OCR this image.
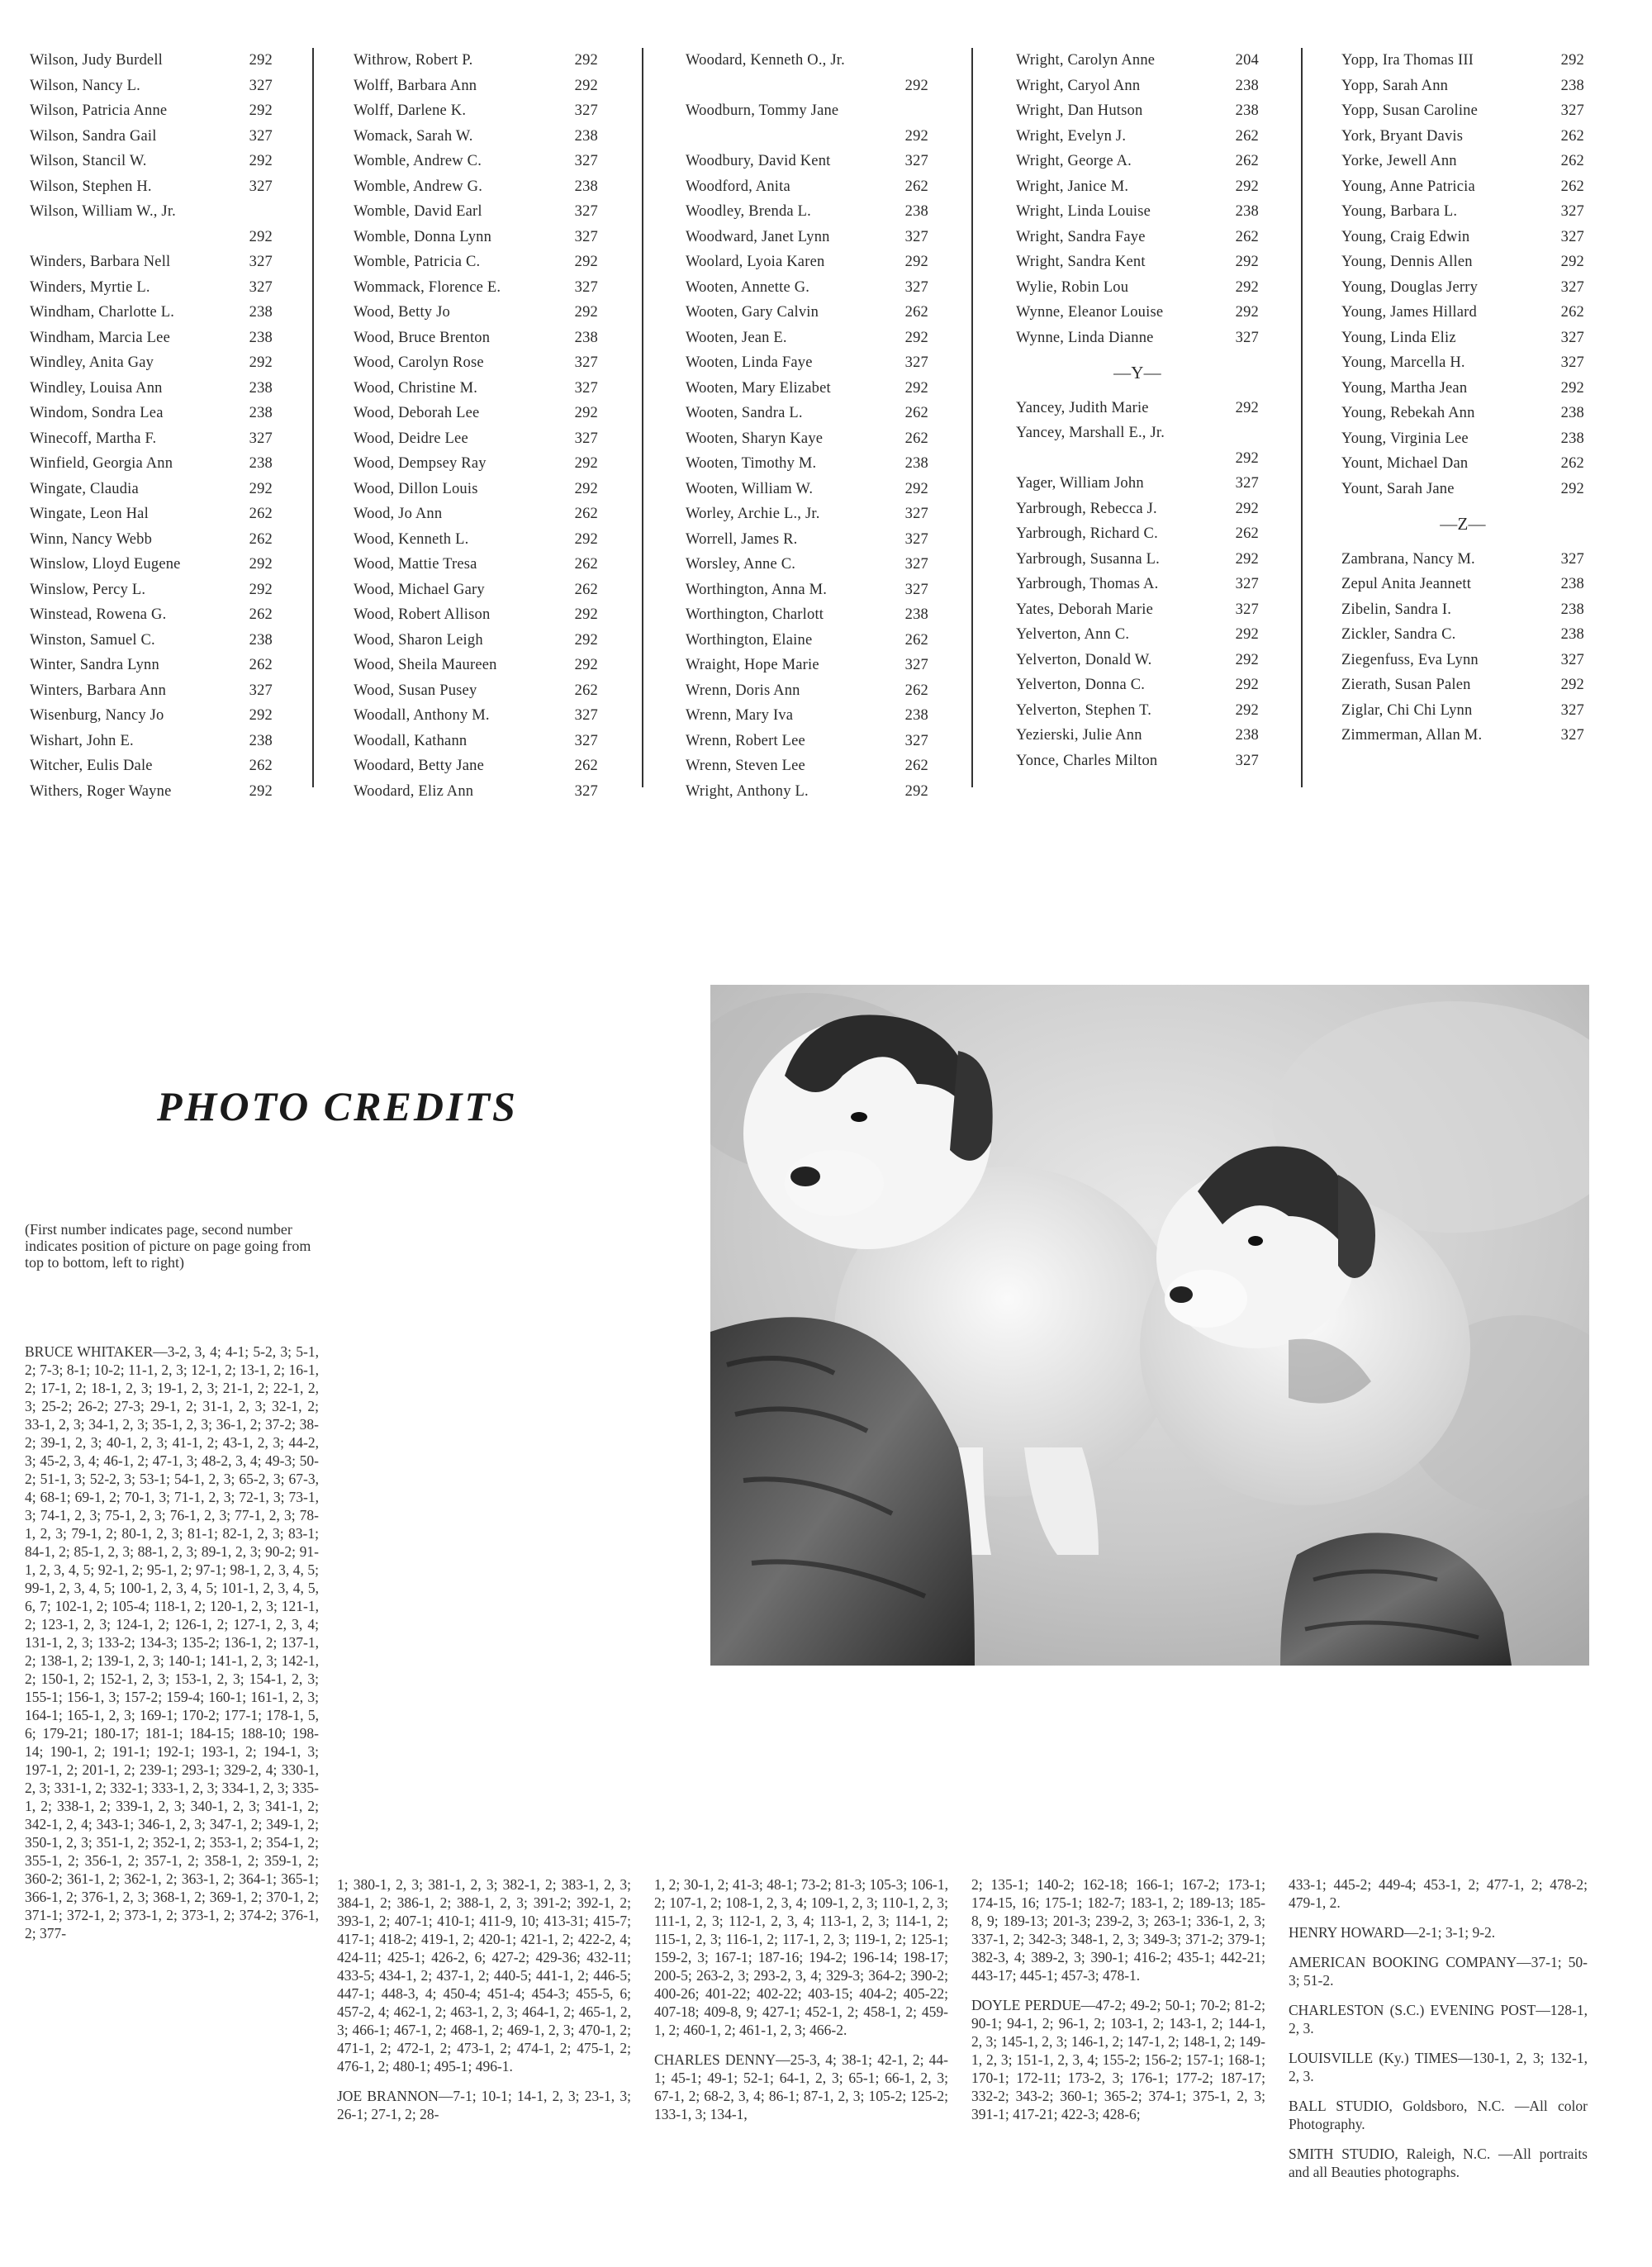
Wilson, Judy Burdell	292
Wilson, Nancy L.	327
Wilson, Patricia Anne	292
Wilson, Sandra Gail	327
Wilson, Stancil W.	292
Wilson, Stephen H.	327
Wilson, William W., Jr.
292
Winders, Barbara Nell	327
Winders, Myrtie L.	327
Windham, Charlotte L.	238
Windham, Marcia Lee	238
Windley, Anita Gay	292
Windley, Louisa Ann	238
Windom, Sondra Lea	238
Winecoff, Martha F.	327
Winfield, Georgia Ann	238
Wingate, Claudia	292
Wingate, Leon Hal	262
Winn, Nancy Webb	262
Winslow, Lloyd Eugene	292
Winslow, Percy L.	292
Winstead, Rowena G.	262
Winston, Samuel C.	238
Winter, Sandra Lynn	262
Winters, Barbara Ann	327
Wisenburg, Nancy Jo	292
Wishart, John E.	238
Witcher, Eulis Dale	262
Withers, Roger Wayne	292
Withrow, Robert P.	292
Wolff, Barbara Ann	292
Wolff, Darlene K.	327
Womack, Sarah W.	238
Womble, Andrew C.	327
Womble, Andrew G.	238
Womble, David Earl	327
Womble, Donna Lynn	327
Womble, Patricia C.	292
Wommack, Florence E.	327
Wood, Betty Jo	292
Wood, Bruce Brenton	238
Wood, Carolyn Rose	327
Wood, Christine M.	327
Wood, Deborah Lee	292
Wood, Deidre Lee	327
Wood, Dempsey Ray	292
Wood, Dillon Louis	292
Wood, Jo Ann	262
Wood, Kenneth L.	292
Wood, Mattie Tresa	262
Wood, Michael Gary	262
Wood, Robert Allison	292
Wood, Sharon Leigh	292
Wood, Sheila Maureen	292
Wood, Susan Pusey	262
Woodall, Anthony M.	327
Woodall, Kathann	327
Woodard, Betty Jane	262
Woodard, Eliz Ann	327
Woodard, Kenneth O., Jr.
292
Woodburn, Tommy Jane
292
Woodbury, David Kent	327
Woodford, Anita	262
Woodley, Brenda L.	238
Woodward, Janet Lynn	327
Woolard, Lyoia Karen	292
Wooten, Annette G.	327
Wooten, Gary Calvin	262
Wooten, Jean E.	292
Wooten, Linda Faye	327
Wooten, Mary Elizabet	292
Wooten, Sandra L.	262
Wooten, Sharyn Kaye	262
Wooten, Timothy M.	238
Wooten, William W.	292
Worley, Archie L., Jr.	327
Worrell, James R.	327
Worsley, Anne C.	327
Worthington, Anna M.	327
Worthington, Charlott	238
Worthington, Elaine	262
Wraight, Hope Marie	327
Wrenn, Doris Ann	262
Wrenn, Mary Iva	238
Wrenn, Robert Lee	327
Wrenn, Steven Lee	262
Wright, Anthony L.	292
Wright, Carolyn Anne	204
Wright, Caryol Ann	238
Wright, Dan Hutson	238
Wright, Evelyn J.	262
Wright, George A.	262
Wright, Janice M.	292
Wright, Linda Louise	238
Wright, Sandra Faye	262
Wright, Sandra Kent	292
Wylie, Robin Lou	292
Wynne, Eleanor Louise	292
Wynne, Linda Dianne	327
—Y—
Yancey, Judith Marie	292
Yancey, Marshall E., Jr.
292
Yager, William John	327
Yarbrough, Rebecca J.	292
Yarbrough, Richard C.	262
Yarbrough, Susanna L.	292
Yarbrough, Thomas A.	327
Yates, Deborah Marie	327
Yelverton, Ann C.	292
Yelverton, Donald W.	292
Yelverton, Donna C.	292
Yelverton, Stephen T.	292
Yezierski, Julie Ann	238
Yonce, Charles Milton	327
Yopp, Ira Thomas III	292
Yopp, Sarah Ann	238
Yopp, Susan Caroline	327
York, Bryant Davis	262
Yorke, Jewell Ann	262
Young, Anne Patricia	262
Young, Barbara L.	327
Young, Craig Edwin	327
Young, Dennis Allen	292
Young, Douglas Jerry	327
Young, James Hillard	262
Young, Linda Eliz	327
Young, Marcella H.	327
Young, Martha Jean	292
Young, Rebekah Ann	238
Young, Virginia Lee	238
Yount, Michael Dan	262
Yount, Sarah Jane	292
—Z—
Zambrana, Nancy M.	327
Zepul Anita Jeannett	238
Zibelin, Sandra I.	238
Zickler, Sandra C.	238
Ziegenfuss, Eva Lynn	327
Zierath, Susan Palen	292
Ziglar, Chi Chi Lynn	327
Zimmerman, Allan M.	327
PHOTO CREDITS
(First number indicates page, second number indicates position of picture on page going from top to bottom, left to right)

BRUCE WHITAKER—3-2, 3, 4; 4-1; 5-2, 3; 5-1, 2; 7-3; 8-1; 10-2; 11-1, 2, 3; 12-1, 2; 13-1, 2; 16-1, 2; 17-1, 2; 18-1, 2, 3; 19-1, 2, 3; 21-1, 2; 22-1, 2, 3; 25-2; 26-2; 27-3; 29-1, 2; 31-1, 2, 3; 32-1, 2; 33-1, 2, 3; 34-1, 2, 3; 35-1, 2, 3; 36-1, 2; 37-2; 38-2; 39-1, 2, 3; 40-1, 2, 3; 41-1, 2; 43-1, 2, 3; 44-2, 3; 45-2, 3, 4; 46-1, 2; 47-1, 3; 48-2, 3, 4; 49-3; 50-2; 51-1, 3; 52-2, 3; 53-1; 54-1, 2, 3; 65-2, 3; 67-3, 4; 68-1; 69-1, 2; 70-1, 3; 71-1, 2, 3; 72-1, 3; 73-1, 3; 74-1, 2, 3; 75-1, 2, 3; 76-1, 2, 3; 77-1, 2, 3; 78-1, 2, 3; 79-1, 2; 80-1, 2, 3; 81-1; 82-1, 2, 3; 83-1; 84-1, 2; 85-1, 2, 3; 88-1, 2, 3; 89-1, 2, 3; 90-2; 91-1, 2, 3, 4, 5; 92-1, 2; 95-1, 2; 97-1; 98-1, 2, 3, 4, 5; 99-1, 2, 3, 4, 5; 100-1, 2, 3, 4, 5; 101-1, 2, 3, 4, 5, 6, 7; 102-1, 2; 105-4; 118-1, 2; 120-1, 2, 3; 121-1, 2; 123-1, 2, 3; 124-1, 2; 126-1, 2; 127-1, 2, 3, 4; 131-1, 2, 3; 133-2; 134-3; 135-2; 136-1, 2; 137-1, 2; 138-1, 2; 139-1, 2, 3; 140-1; 141-1, 2, 3; 142-1, 2; 150-1, 2; 152-1, 2, 3; 153-1, 2, 3; 154-1, 2, 3; 155-1; 156-1, 3; 157-2; 159-4; 160-1; 161-1, 2, 3; 164-1; 165-1, 2, 3; 169-1; 170-2; 177-1; 178-1, 5, 6; 179-21; 180-17; 181-1; 184-15; 188-10; 198-14; 190-1, 2; 191-1; 192-1; 193-1, 2; 194-1, 3; 197-1, 2; 201-1, 2; 239-1; 293-1; 329-2, 4; 330-1, 2, 3; 331-1, 2; 332-1; 333-1, 2, 3; 334-1, 2, 3; 335-1, 2; 338-1, 2; 339-1, 2, 3; 340-1, 2, 3; 341-1, 2; 342-1, 2, 4; 343-1; 346-1, 2, 3; 347-1, 2; 349-1, 2; 350-1, 2, 3; 351-1, 2; 352-1, 2; 353-1, 2; 354-1, 2; 355-1, 2; 356-1, 2; 357-1, 2; 358-1, 2; 359-1, 2; 360-2; 361-1, 2; 362-1, 2; 363-1, 2; 364-1; 365-1; 366-1, 2; 376-1, 2, 3; 368-1, 2; 369-1, 2; 370-1, 2; 371-1; 372-1, 2; 373-1, 2; 373-1, 2; 374-2; 376-1, 2; 377-

1; 380-1, 2, 3; 381-1, 2, 3; 382-1, 2; 383-1, 2, 3; 384-1, 2; 386-1, 2; 388-1, 2, 3; 391-2; 392-1, 2; 393-1, 2; 407-1; 410-1; 411-9, 10; 413-31; 415-7; 417-1; 418-2; 419-1, 2; 420-1; 421-1, 2; 422-2, 4; 424-11; 425-1; 426-2, 6; 427-2; 429-36; 432-11; 433-5; 434-1, 2; 437-1, 2; 440-5; 441-1, 2; 446-5; 447-1; 448-3, 4; 450-4; 451-4; 454-3; 455-5, 6; 457-2, 4; 462-1, 2; 463-1, 2, 3; 464-1, 2; 465-1, 2, 3; 466-1; 467-1, 2; 468-1, 2; 469-1, 2, 3; 470-1, 2; 471-1, 2; 472-1, 2; 473-1, 2; 474-1, 2; 475-1, 2; 476-1, 2; 480-1; 495-1; 496-1.

JOE BRANNON—7-1; 10-1; 14-1, 2, 3; 23-1, 3; 26-1; 27-1, 2; 28-

1, 2; 30-1, 2; 41-3; 48-1; 73-2; 81-3; 105-3; 106-1, 2; 107-1, 2; 108-1, 2, 3, 4; 109-1, 2, 3; 110-1, 2, 3; 111-1, 2, 3; 112-1, 2, 3, 4; 113-1, 2, 3; 114-1, 2; 115-1, 2, 3; 116-1, 2; 117-1, 2, 3; 119-1, 2; 125-1; 159-2, 3; 167-1; 187-16; 194-2; 196-14; 198-17; 200-5; 263-2, 3; 293-2, 3, 4; 329-3; 364-2; 390-2; 400-26; 401-22; 402-22; 403-15; 404-2; 405-22; 407-18; 409-8, 9; 427-1; 452-1, 2; 458-1, 2; 459-1, 2; 460-1, 2; 461-1, 2, 3; 466-2.

CHARLES DENNY—25-3, 4; 38-1; 42-1, 2; 44-1; 45-1; 49-1; 52-1; 64-1, 2, 3; 65-1; 66-1, 2, 3; 67-1, 2; 68-2, 3, 4; 86-1; 87-1, 2, 3; 105-2; 125-2; 133-1, 3; 134-1,

2; 135-1; 140-2; 162-18; 166-1; 167-2; 173-1; 174-15, 16; 175-1; 182-7; 183-1, 2; 189-13; 185-8, 9; 189-13; 201-3; 239-2, 3; 263-1; 336-1, 2, 3; 337-1, 2; 342-3; 348-1, 2, 3; 349-3; 371-2; 379-1; 382-3, 4; 389-2, 3; 390-1; 416-2; 435-1; 442-21; 443-17; 445-1; 457-3; 478-1.

DOYLE PERDUE—47-2; 49-2; 50-1; 70-2; 81-2; 90-1; 94-1, 2; 96-1, 2; 103-1, 2; 143-1, 2; 144-1, 2, 3; 145-1, 2, 3; 146-1, 2; 147-1, 2; 148-1, 2; 149-1, 2, 3; 151-1, 2, 3, 4; 155-2; 156-2; 157-1; 168-1; 170-1; 172-11; 173-2, 3; 176-1; 177-2; 187-17; 332-2; 343-2; 360-1; 365-2; 374-1; 375-1, 2, 3; 391-1; 417-21; 422-3; 428-6;

433-1; 445-2; 449-4; 453-1, 2; 477-1, 2; 478-2; 479-1, 2.

HENRY HOWARD—2-1; 3-1; 9-2.

AMERICAN BOOKING COMPANY—37-1; 50-3; 51-2.

CHARLESTON (S.C.) EVENING POST—128-1, 2, 3.

LOUISVILLE (Ky.) TIMES—130-1, 2, 3; 132-1, 2, 3.

BALL STUDIO, Goldsboro, N.C. —All color Photography.

SMITH STUDIO, Raleigh, N.C. —All portraits and all Beauties photographs.
